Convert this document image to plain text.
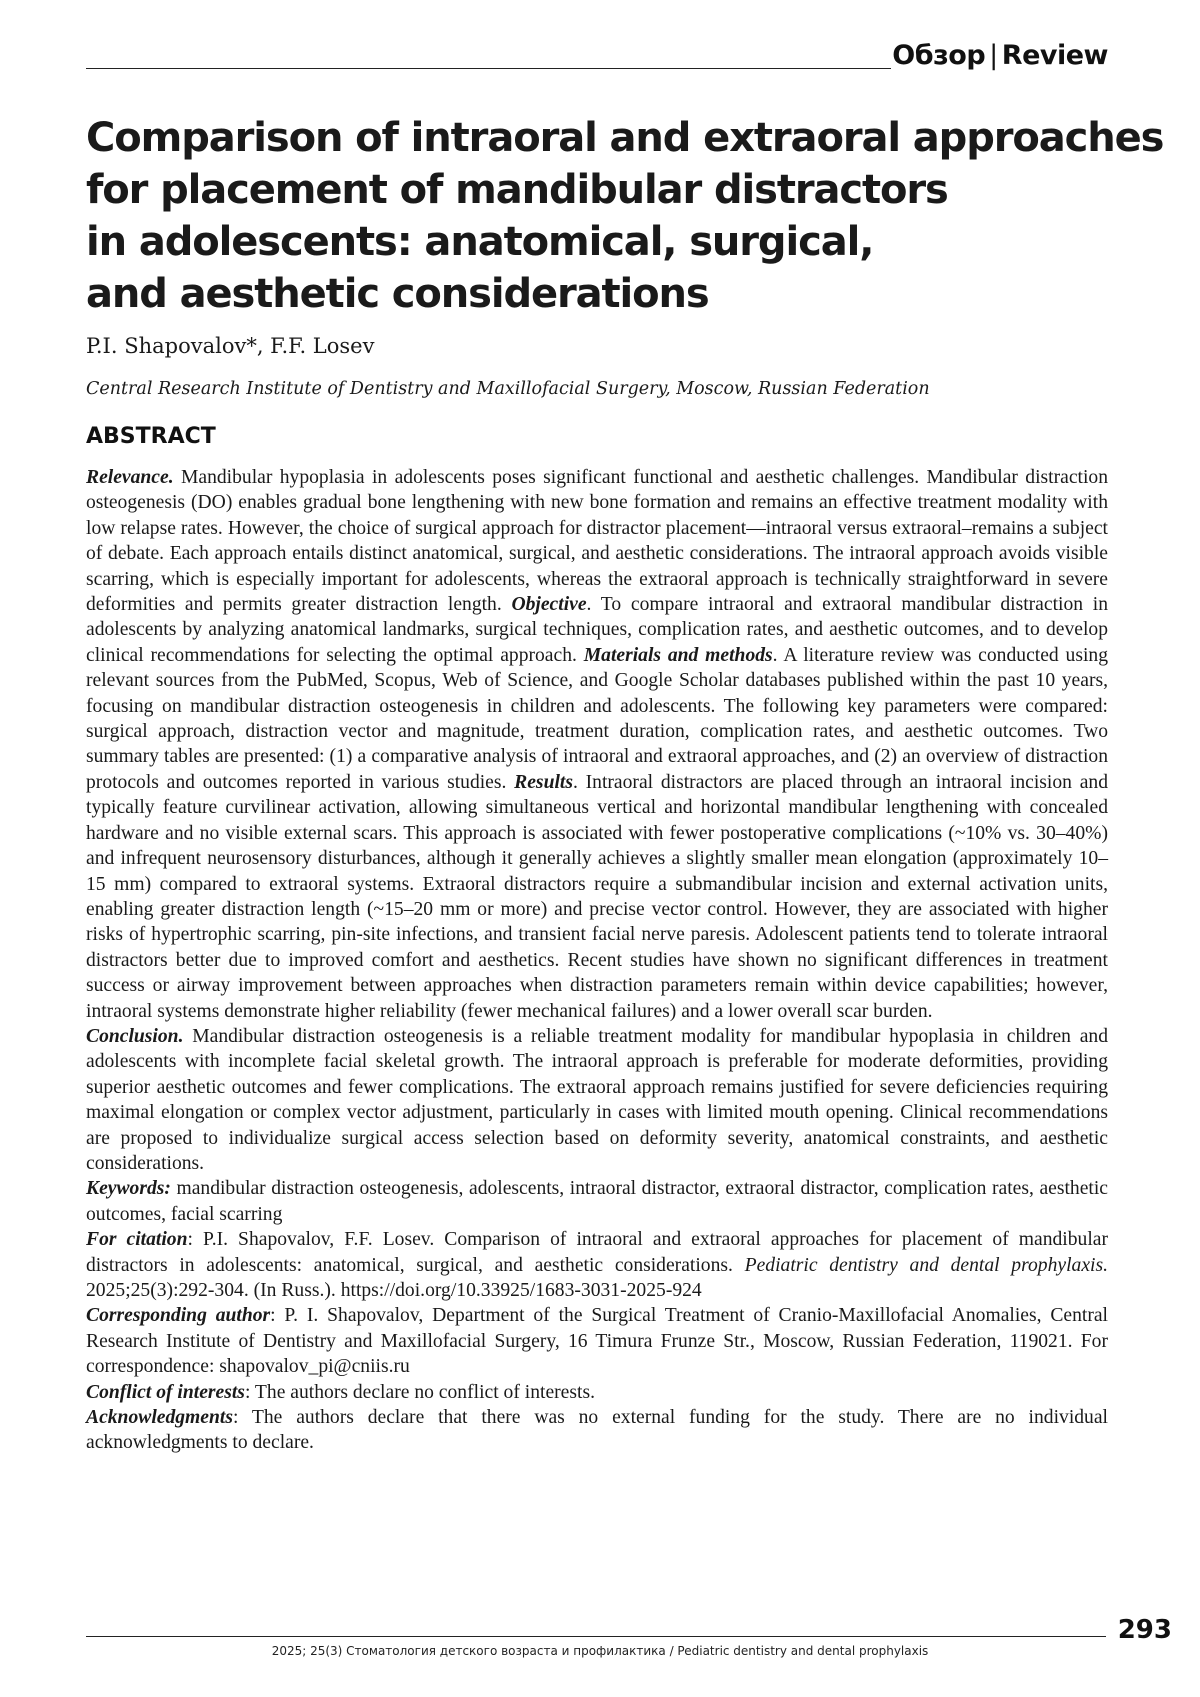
Обзор | Review
Comparison of intraoral and extraoral approaches
for placement of mandibular distractors
in adolescents: anatomical, surgical,
and aesthetic considerations
P.I. Shapovalov*, F.F. Losev
Central Research Institute of Dentistry and Maxillofacial Surgery, Moscow, Russian Federation
ABSTRACT

Relevance. Mandibular hypoplasia in adolescents poses significant functional and aesthetic challenges. Mandibular distraction osteogenesis (DO) enables gradual bone lengthening with new bone formation and remains an effective treatment modality with low relapse rates. However, the choice of surgical approach for distractor placement—intraoral versus extraoral–remains a subject of debate. Each approach entails distinct anatomical, surgical, and aesthetic considerations. The intraoral approach avoids visible scarring, which is especially important for adolescents, whereas the extraoral approach is technically straightforward in severe deformities and permits greater distraction length. Objective. To compare intraoral and extraoral mandibular distraction in adolescents by analyzing anatomical landmarks, surgical techniques, complication rates, and aesthetic outcomes, and to develop clinical recommendations for selecting the optimal approach. Materials and methods. A literature review was conducted using relevant sources from the PubMed, Scopus, Web of Science, and Google Scholar databases published within the past 10 years, focusing on mandibular distraction osteogenesis in children and adolescents. The following key parameters were compared: surgical approach, distraction vector and magnitude, treatment duration, complication rates, and aesthetic outcomes. Two summary tables are presented: (1) a comparative analysis of intraoral and extraoral approaches, and (2) an overview of distraction protocols and outcomes reported in various studies. Results. Intraoral distractors are placed through an intraoral incision and typically feature curvilinear activation, allowing simultaneous vertical and horizontal mandibular lengthening with concealed hardware and no visible external scars. This approach is associated with fewer postoperative complications (~10% vs. 30–40%) and infrequent neurosensory disturbances, although it generally achieves a slightly smaller mean elongation (approximately 10–15 mm) compared to extraoral systems. Extraoral distractors require a submandibular incision and external activation units, enabling greater distraction length (~15–20 mm or more) and precise vector control. However, they are associated with higher risks of hypertrophic scarring, pin-site infections, and transient facial nerve paresis. Adolescent patients tend to tolerate intraoral distractors better due to improved comfort and aesthetics. Recent studies have shown no significant differences in treatment success or airway improvement between approaches when distraction parameters remain within device capabilities; however, intraoral systems demonstrate higher reliability (fewer mechanical failures) and a lower overall scar burden.

Conclusion. Mandibular distraction osteogenesis is a reliable treatment modality for mandibular hypoplasia in children and adolescents with incomplete facial skeletal growth. The intraoral approach is preferable for moderate deformities, providing superior aesthetic outcomes and fewer complications. The extraoral approach remains justified for severe deficiencies requiring maximal elongation or complex vector adjustment, particularly in cases with limited mouth opening. Clinical recommendations are proposed to individualize surgical access selection based on deformity severity, anatomical constraints, and aesthetic considerations.

Keywords: mandibular distraction osteogenesis, adolescents, intraoral distractor, extraoral distractor, complication rates, aesthetic outcomes, facial scarring

For citation: P.I. Shapovalov, F.F. Losev. Comparison of intraoral and extraoral approaches for placement of mandibular distractors in adolescents: anatomical, surgical, and aesthetic considerations. Pediatric dentistry and dental prophylaxis. 2025;25(3):292-304. (In Russ.). https://doi.org/10.33925/1683-3031-2025-924

Corresponding author: P. I. Shapovalov, Department of the Surgical Treatment of Cranio-Maxillofacial Anomalies, Central Research Institute of Dentistry and Maxillofacial Surgery, 16 Timura Frunze Str., Moscow, Russian Federation, 119021. For correspondence: shapovalov_pi@cniis.ru

Conflict of interests: The authors declare no conflict of interests.

Acknowledgments: The authors declare that there was no external funding for the study. There are no individual acknowledgments to declare.

2025; 25(3) Стоматология детского возраста и профилактика / Pediatric dentistry and dental prophylaxis
293
